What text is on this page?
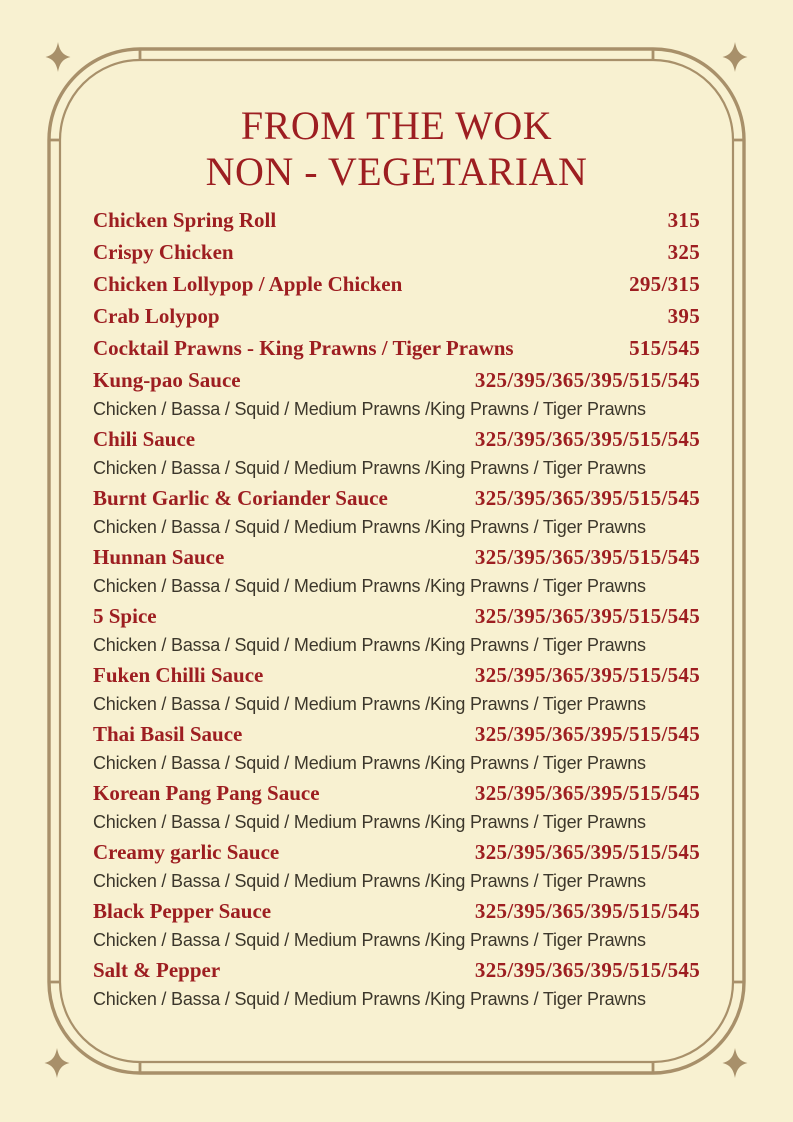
FROM THE WOK
NON - VEGETARIAN
Chicken Spring Roll	315
Crispy Chicken	325
Chicken Lollypop / Apple Chicken	295/315
Crab Lolypop	395
Cocktail Prawns - King Prawns / Tiger Prawns	515/545
Kung-pao Sauce	325/395/365/395/515/545
Chicken / Bassa / Squid / Medium Prawns /King Prawns / Tiger Prawns
Chili Sauce	325/395/365/395/515/545
Chicken / Bassa / Squid / Medium Prawns /King Prawns / Tiger Prawns
Burnt Garlic & Coriander Sauce	325/395/365/395/515/545
Chicken / Bassa / Squid / Medium Prawns /King Prawns / Tiger Prawns
Hunnan Sauce	325/395/365/395/515/545
Chicken / Bassa / Squid / Medium Prawns /King Prawns / Tiger Prawns
5 Spice	325/395/365/395/515/545
Chicken / Bassa / Squid / Medium Prawns /King Prawns / Tiger Prawns
Fuken Chilli Sauce	325/395/365/395/515/545
Chicken / Bassa / Squid / Medium Prawns /King Prawns / Tiger Prawns
Thai Basil Sauce	325/395/365/395/515/545
Chicken / Bassa / Squid / Medium Prawns /King Prawns / Tiger Prawns
Korean Pang Pang Sauce	325/395/365/395/515/545
Chicken / Bassa / Squid / Medium Prawns /King Prawns / Tiger Prawns
Creamy garlic Sauce	325/395/365/395/515/545
Chicken / Bassa / Squid / Medium Prawns /King Prawns / Tiger Prawns
Black Pepper Sauce	325/395/365/395/515/545
Chicken / Bassa / Squid / Medium Prawns /King Prawns / Tiger Prawns
Salt & Pepper	325/395/365/395/515/545
Chicken / Bassa / Squid / Medium Prawns /King Prawns / Tiger Prawns
